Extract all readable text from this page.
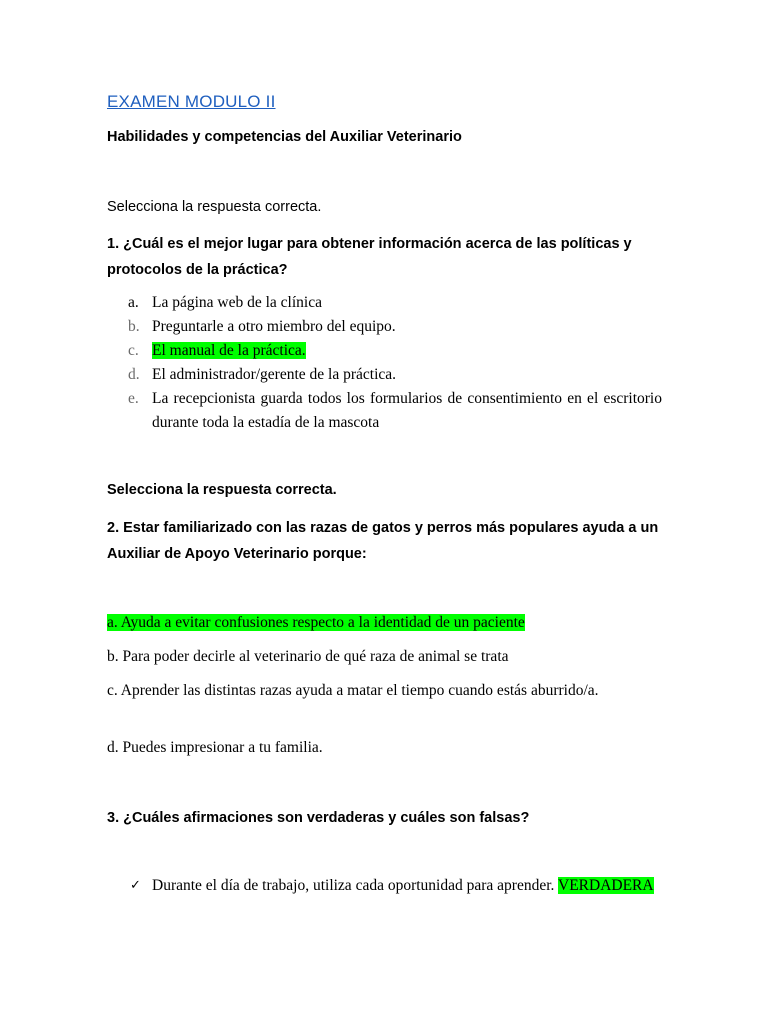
EXAMEN MODULO II
Habilidades y competencias del Auxiliar Veterinario
Selecciona la respuesta correcta.
1. ¿Cuál es el mejor lugar para obtener información acerca de las políticas y protocolos de la práctica?
a. La página web de la clínica
b. Preguntarle a otro miembro del equipo.
c. El manual de la práctica.
d. El administrador/gerente de la práctica.
e. La recepcionista guarda todos los formularios de consentimiento en el escritorio durante toda la estadía de la mascota
Selecciona la respuesta correcta.
2. Estar familiarizado con las razas de gatos y perros más populares ayuda a un Auxiliar de Apoyo Veterinario porque:
a. Ayuda a evitar confusiones respecto a la identidad de un paciente
b. Para poder decirle al veterinario de qué raza de animal se trata
c. Aprender las distintas razas ayuda a matar el tiempo cuando estás aburrido/a.
d. Puedes impresionar a tu familia.
3. ¿Cuáles afirmaciones son verdaderas y cuáles son falsas?
✓ Durante el día de trabajo, utiliza cada oportunidad para aprender. VERDADERA
